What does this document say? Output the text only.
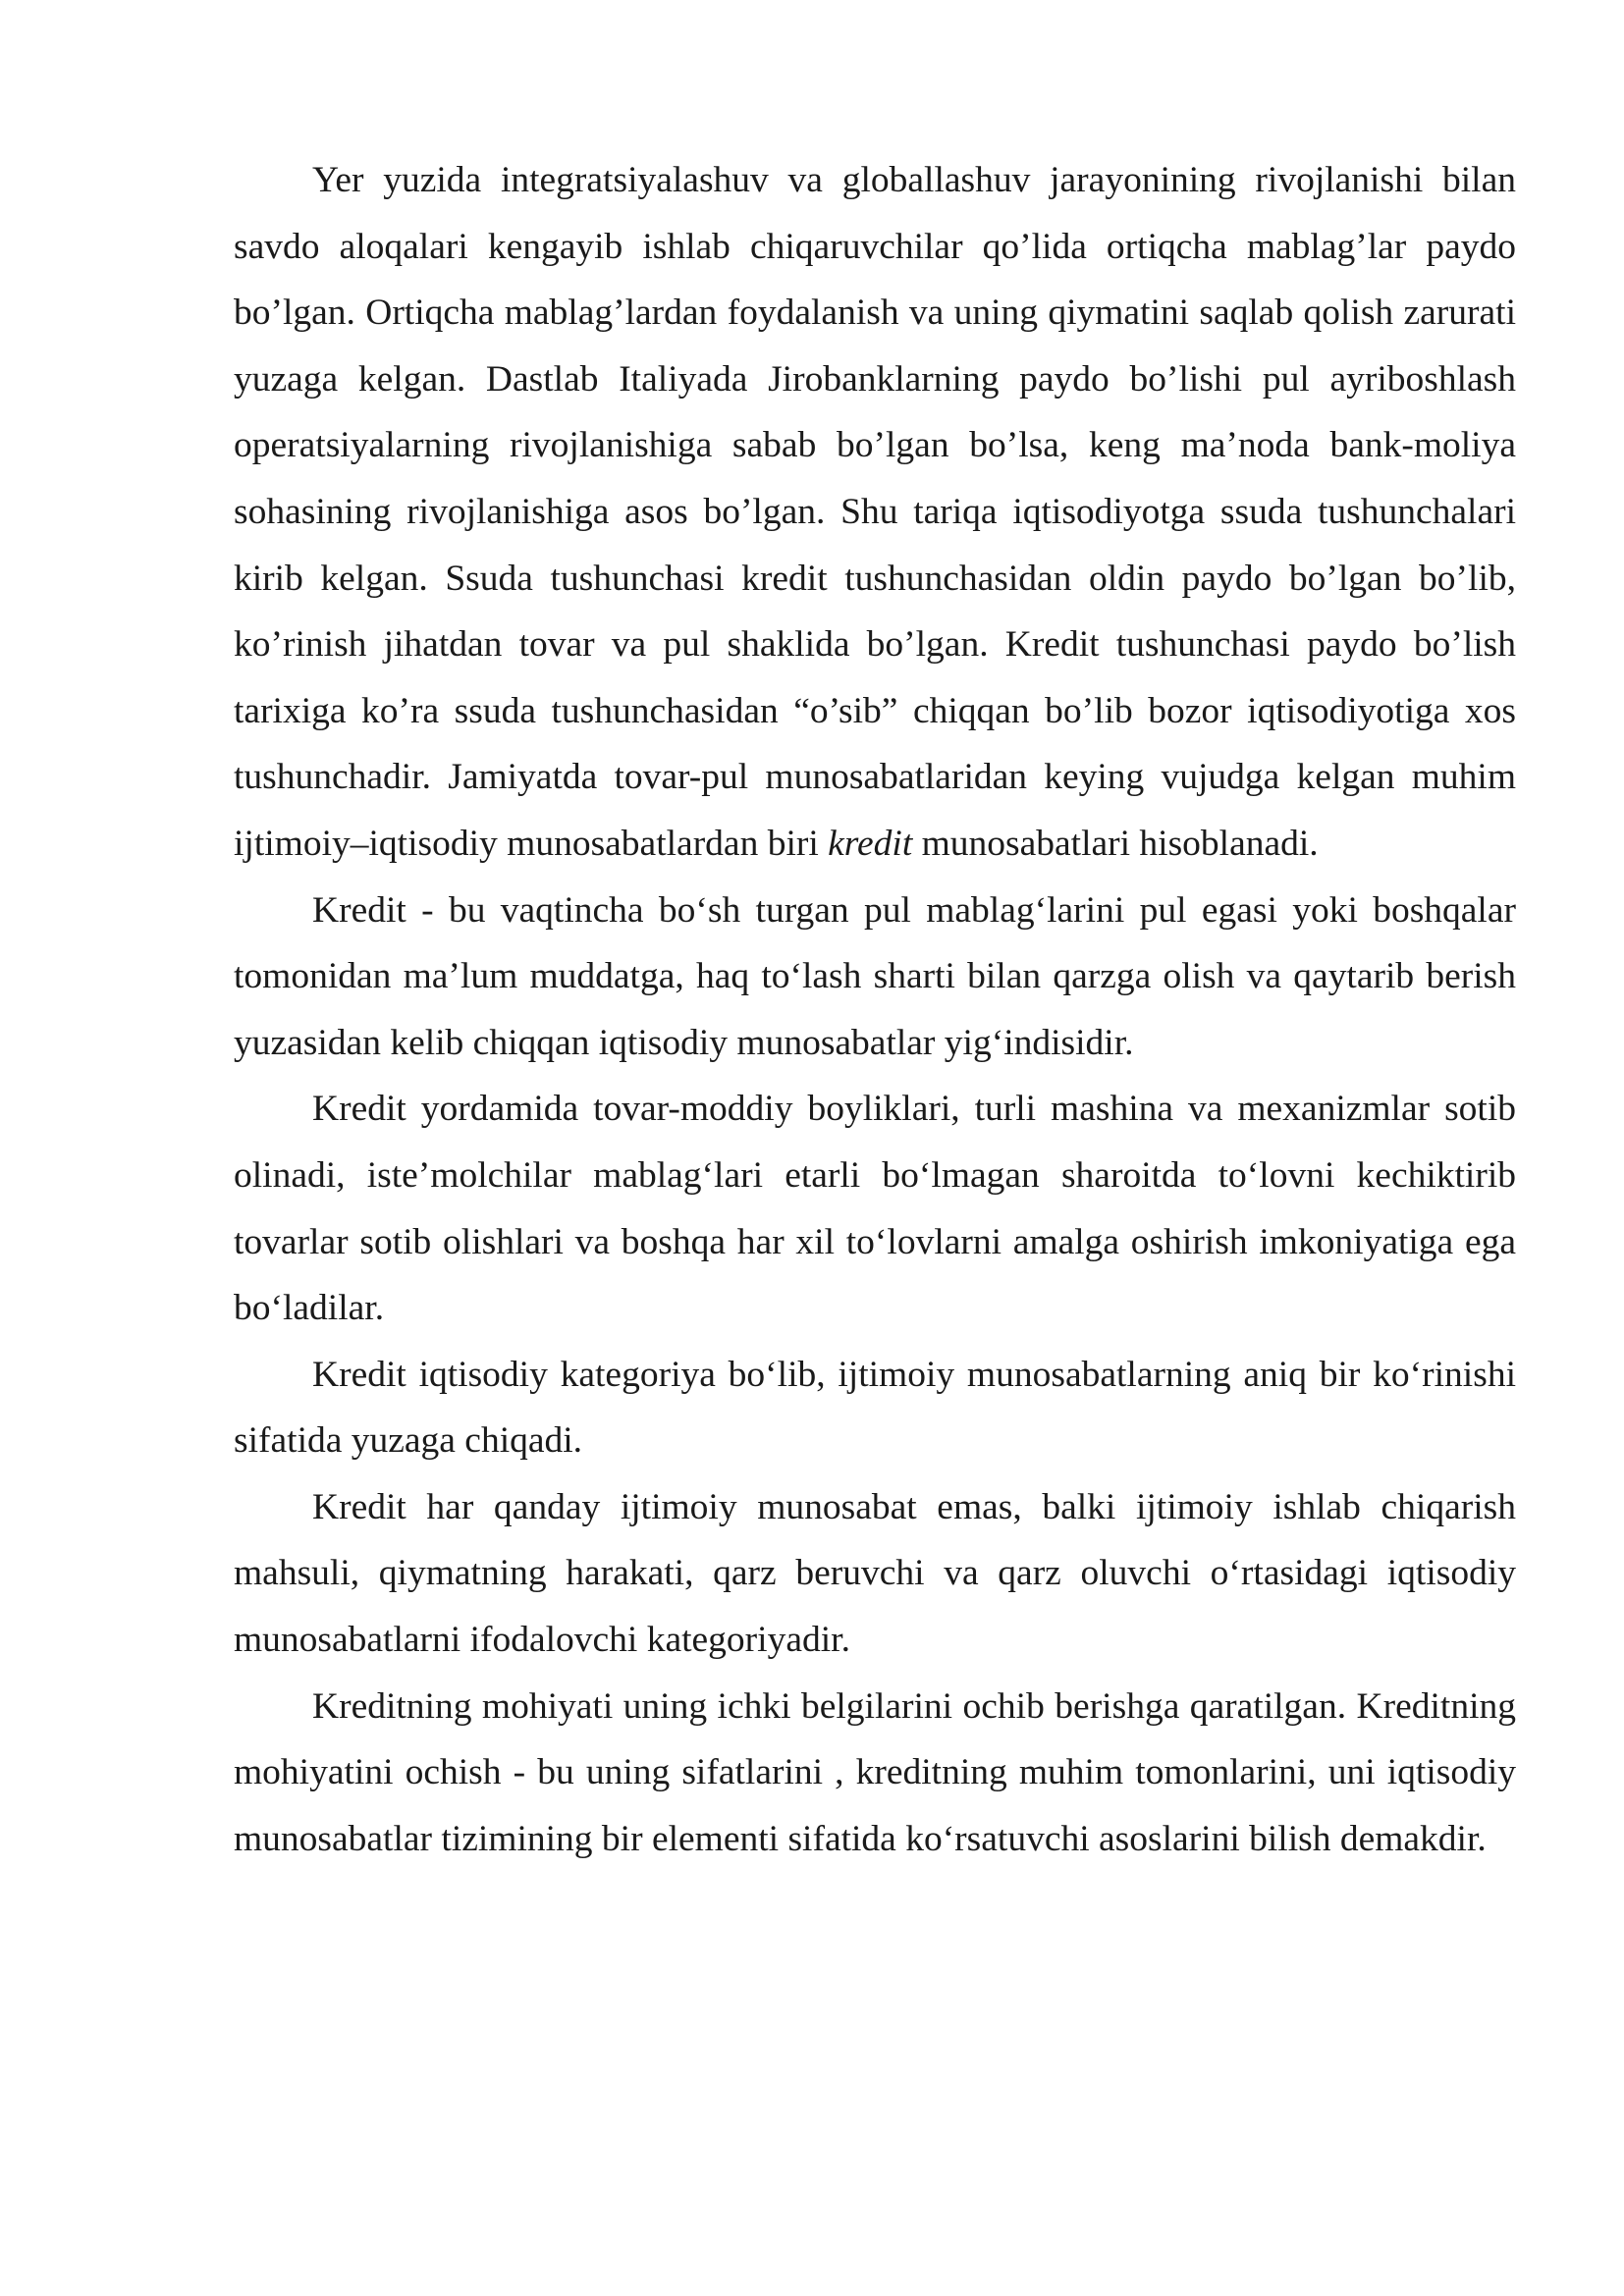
Yer yuzida integratsiyalashuv va globallashuv jarayonining rivojlanishi bilan savdo aloqalari kengayib ishlab chiqaruvchilar qo’lida ortiqcha mablag’lar paydo bo’lgan. Ortiqcha mablag’lardan foydalanish va uning qiymatini saqlab qolish zarurati yuzaga kelgan. Dastlab Italiyada Jirobanklarning paydo bo’lishi pul ayriboshlash operatsiyalarning rivojlanishiga sabab bo’lgan bo’lsa, keng ma’noda bank-moliya sohasining rivojlanishiga asos bo’lgan. Shu tariqa iqtisodiyotga ssuda tushunchalari kirib kelgan. Ssuda tushunchasi kredit tushunchasidan oldin paydo bo’lgan bo’lib, ko’rinish jihatdan tovar va pul shaklida bo’lgan. Kredit tushunchasi paydo bo’lish tarixiga ko’ra ssuda tushunchasidan “o’sib” chiqqan bo’lib bozor iqtisodiyotiga xos tushunchadir. Jamiyatda tovar-pul munosabatlaridan keying vujudga kelgan muhim ijtimoiy–iqtisodiy munosabatlardan biri kredit munosabatlari hisoblanadi.

Kredit - bu vaqtincha bo‘sh turgan pul mablag‘larini pul egasi yoki boshqalar tomonidan ma’lum muddatga, haq to‘lash sharti bilan qarzga olish va qaytarib berish yuzasidan kelib chiqqan iqtisodiy munosabatlar yig‘indisidir.

Kredit yordamida tovar-moddiy boyliklari, turli mashina va mexanizmlar sotib olinadi, iste’molchilar mablag‘lari etarli bo‘lmagan sharoitda to‘lovni kechiktirib tovarlar sotib olishlari va boshqa har xil to‘lovlarni amalga oshirish imkoniyatiga ega bo‘ladilar.

Kredit iqtisodiy kategoriya bo‘lib, ijtimoiy munosabatlarning aniq bir ko‘rinishi sifatida yuzaga chiqadi.

Kredit har qanday ijtimoiy munosabat emas, balki ijtimoiy ishlab chiqarish mahsuli, qiymatning harakati, qarz beruvchi va qarz oluvchi o‘rtasidagi iqtisodiy munosabatlarni ifodalovchi kategoriyadir.

Kreditning mohiyati uning ichki belgilarini ochib berishga qaratilgan. Kreditning mohiyatini ochish - bu uning sifatlarini , kreditning muhim tomonlarini, uni iqtisodiy munosabatlar tizimining bir elementi sifatida ko‘rsatuvchi asoslarini bilish demakdir.
